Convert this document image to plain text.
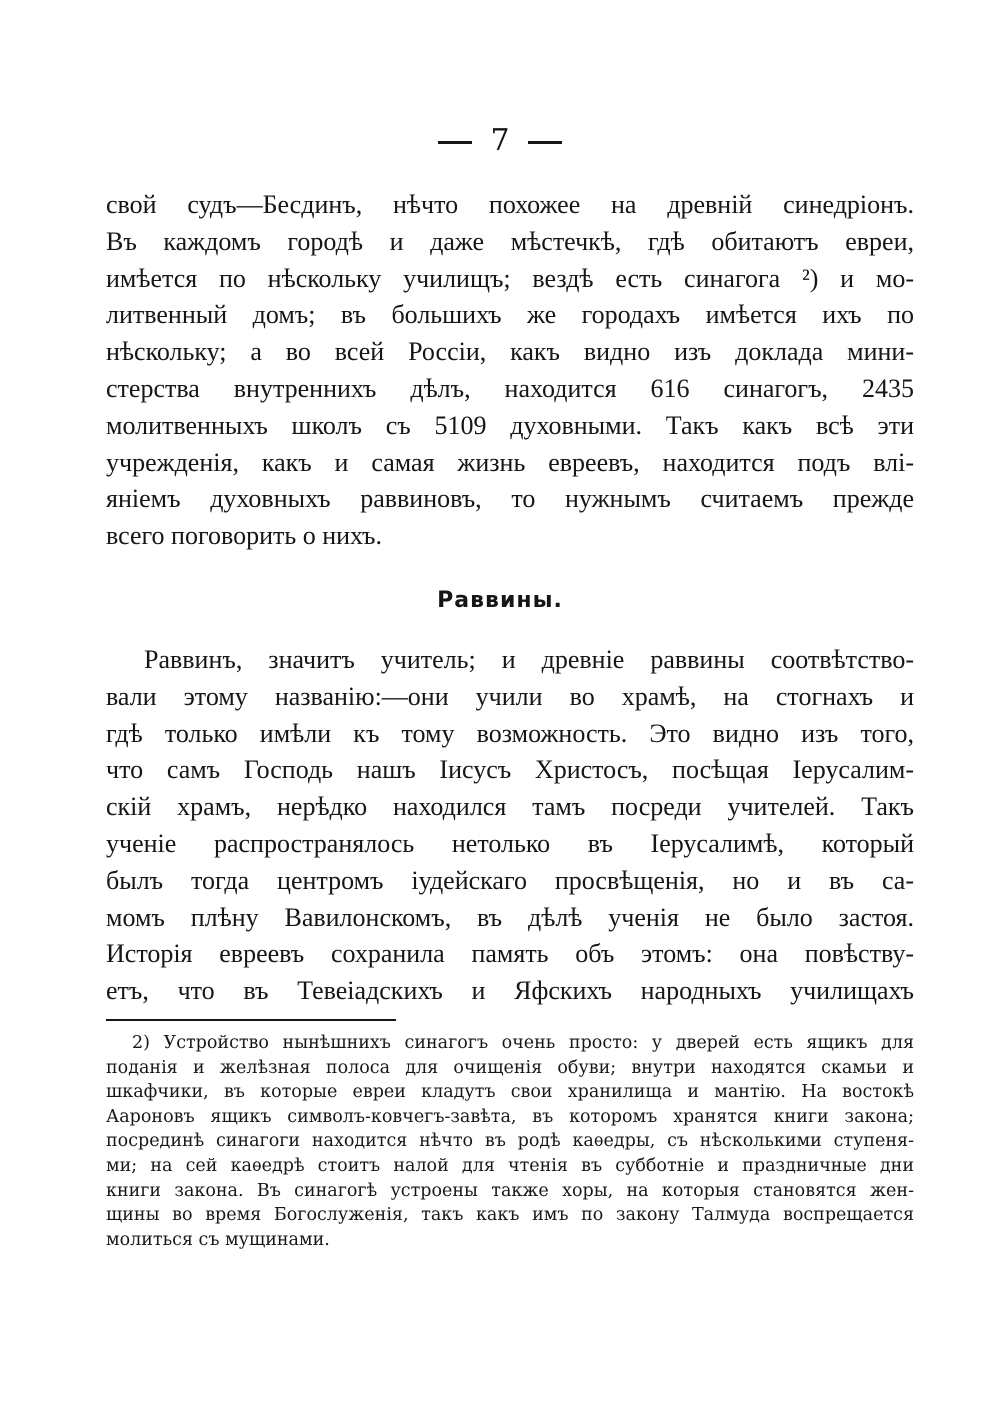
7
свой судъ—Бесдинъ, нѣчто похожее на древній синедріонъ.
Въ каждомъ городѣ и даже мѣстечкѣ, гдѣ обитаютъ евреи,
имѣется по нѣскольку училищъ; вездѣ есть синагога ²) и мо-
литвенный домъ; въ большихъ же городахъ имѣется ихъ по
нѣскольку; а во всей Россіи, какъ видно изъ доклада мини-
стерства внутреннихъ дѣлъ, находится 616 синагогъ, 2435
молитвенныхъ школъ съ 5109 духовными. Такъ какъ всѣ эти
учрежденія, какъ и самая жизнь евреевъ, находится подъ влі-
яніемъ духовныхъ раввиновъ, то нужнымъ считаемъ прежде
всего поговорить о нихъ.
Раввины.
Раввинъ, значитъ учитель; и древніе раввины соотвѣтство-
вали этому названію:—они учили во храмѣ, на стогнахъ и
гдѣ только имѣли къ тому возможность. Это видно изъ того,
что самъ Господь нашъ Іисусъ Христосъ, посѣщая Іерусалим-
скій храмъ, нерѣдко находился тамъ посреди учителей. Такъ
ученіе распространялось нетолько въ Іерусалимѣ, который
былъ тогда центромъ іудейскаго просвѣщенія, но и въ са-
момъ плѣну Вавилонскомъ, въ дѣлѣ ученія не было застоя.
Исторія евреевъ сохранила память объ этомъ: она повѣству-
етъ, что въ Тевеіадскихъ и Яфскихъ народныхъ училищахъ
2) Устройство нынѣшнихъ синагогъ очень просто: у дверей есть ящикъ для
поданія и желѣзная полоса для очищенія обуви; внутри находятся скамьи и
шкафчики, въ которые евреи кладутъ свои хранилища и мантію. На востокѣ
Аароновъ ящикъ символъ-ковчегъ-завѣта, въ которомъ хранятся книги закона;
посрединѣ синагоги находится нѣчто въ родѣ каѳедры, съ нѣсколькими ступеня-
ми; на сей каѳедрѣ стоитъ налой для чтенія въ субботніе и праздничные дни
книги закона. Въ синагогѣ устроены также хоры, на которыя становятся жен-
щины во время Богослуженія, такъ какъ имъ по закону Талмуда воспрещается
молиться съ мущинами.
